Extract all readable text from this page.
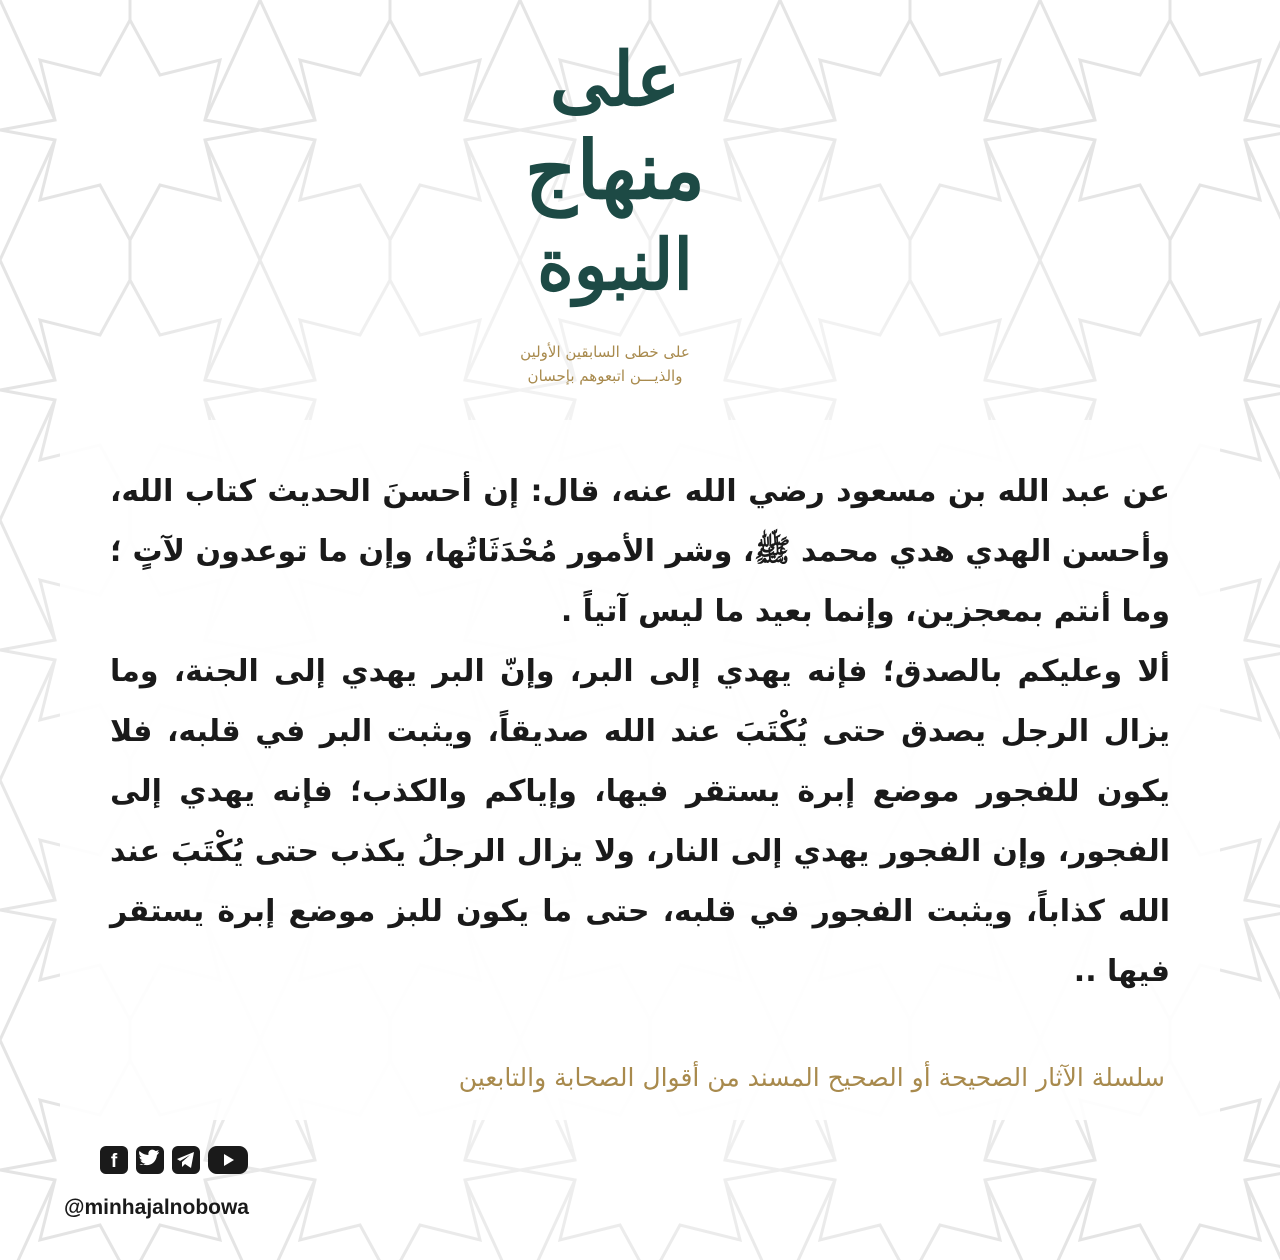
على
منهاج
النبوة
على خطى السابقين الأولين
والذيـــن اتبعوهم بإحسان

عن عبد الله بن مسعود رضي الله عنه، قال: إن أحسنَ الحديث كتاب الله، وأحسن الهدي هدي محمد ﷺ، وشر الأمور مُحْدَثَاتُها، وإن ما توعدون لآتٍ ؛ وما أنتم بمعجزين، وإنما بعيد ما ليس آتياً .

ألا وعليكم بالصدق؛ فإنه يهدي إلى البر، وإنّ البر يهدي إلى الجنة، وما يزال الرجل يصدق حتى يُكْتَبَ عند الله صديقاً، ويثبت البر في قلبه، فلا يكون للفجور موضع إبرة يستقر فيها، وإياكم والكذب؛ فإنه يهدي إلى الفجور، وإن الفجور يهدي إلى النار، ولا يزال الرجلُ يكذب حتى يُكْتَبَ عند الله كذاباً، ويثبت الفجور في قلبه، حتى ما يكون للبز موضع إبرة يستقر فيها ..

سلسلة الآثار الصحيحة أو الصحيح المسند من أقوال الصحابة والتابعين
f
@minhajalnobowa
